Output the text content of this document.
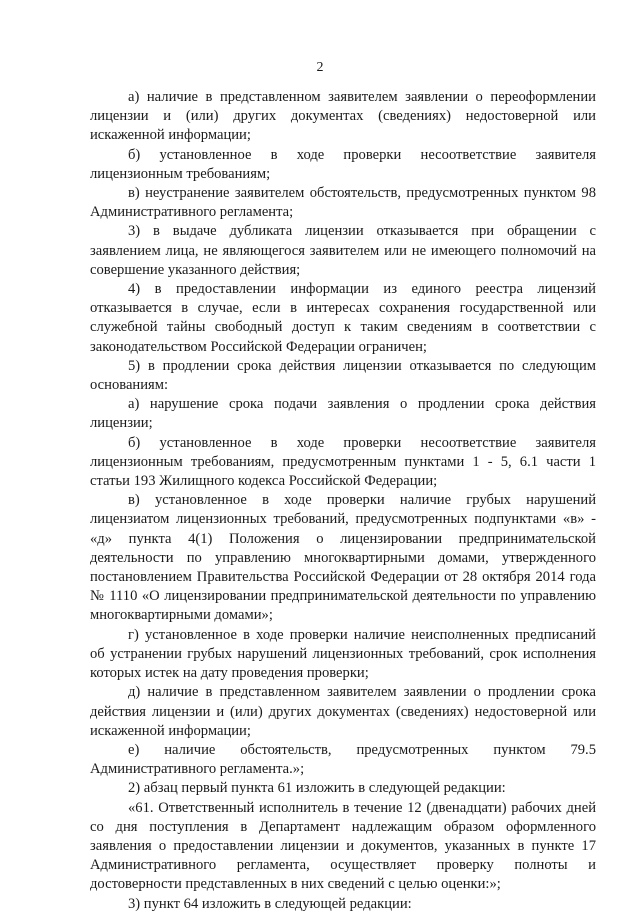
2

а) наличие в представленном заявителем заявлении о переоформлении лицензии и (или) других документах (сведениях) недостоверной или искаженной информации;

б) установленное в ходе проверки несоответствие заявителя лицензионным требованиям;

в) неустранение заявителем обстоятельств, предусмотренных пунктом 98 Административного регламента;

3) в выдаче дубликата лицензии отказывается при обращении с заявлением лица, не являющегося заявителем или не имеющего полномочий на совершение указанного действия;

4) в предоставлении информации из единого реестра лицензий отказывается в случае, если в интересах сохранения государственной или служебной тайны свободный доступ к таким сведениям в соответствии с законодательством Российской Федерации ограничен;

5) в продлении срока действия лицензии отказывается по следующим основаниям:

а) нарушение срока подачи заявления о продлении срока действия лицензии;

б) установленное в ходе проверки несоответствие заявителя лицензионным требованиям, предусмотренным пунктами 1 - 5, 6.1 части 1 статьи 193 Жилищного кодекса Российской Федерации;

в) установленное в ходе проверки наличие грубых нарушений лицензиатом лицензионных требований, предусмотренных подпунктами «в» - «д» пункта 4(1) Положения о лицензировании предпринимательской деятельности по управлению многоквартирными домами, утвержденного постановлением Правительства Российской Федерации от 28 октября 2014 года № 1110 «О лицензировании предпринимательской деятельности по управлению многоквартирными домами»;

г) установленное в ходе проверки наличие неисполненных предписаний об устранении грубых нарушений лицензионных требований, срок исполнения которых истек на дату проведения проверки;

д) наличие в представленном заявителем заявлении о продлении срока действия лицензии и (или) других документах (сведениях) недостоверной или искаженной информации;

е) наличие обстоятельств, предусмотренных пунктом 79.5 Административного регламента.»;

2) абзац первый пункта 61 изложить в следующей редакции:

«61. Ответственный исполнитель в течение 12 (двенадцати) рабочих дней со дня поступления в Департамент надлежащим образом оформленного заявления о предоставлении лицензии и документов, указанных в пункте 17 Административного регламента, осуществляет проверку полноты и достоверности представленных в них сведений с целью оценки:»;

3) пункт 64 изложить в следующей редакции:
